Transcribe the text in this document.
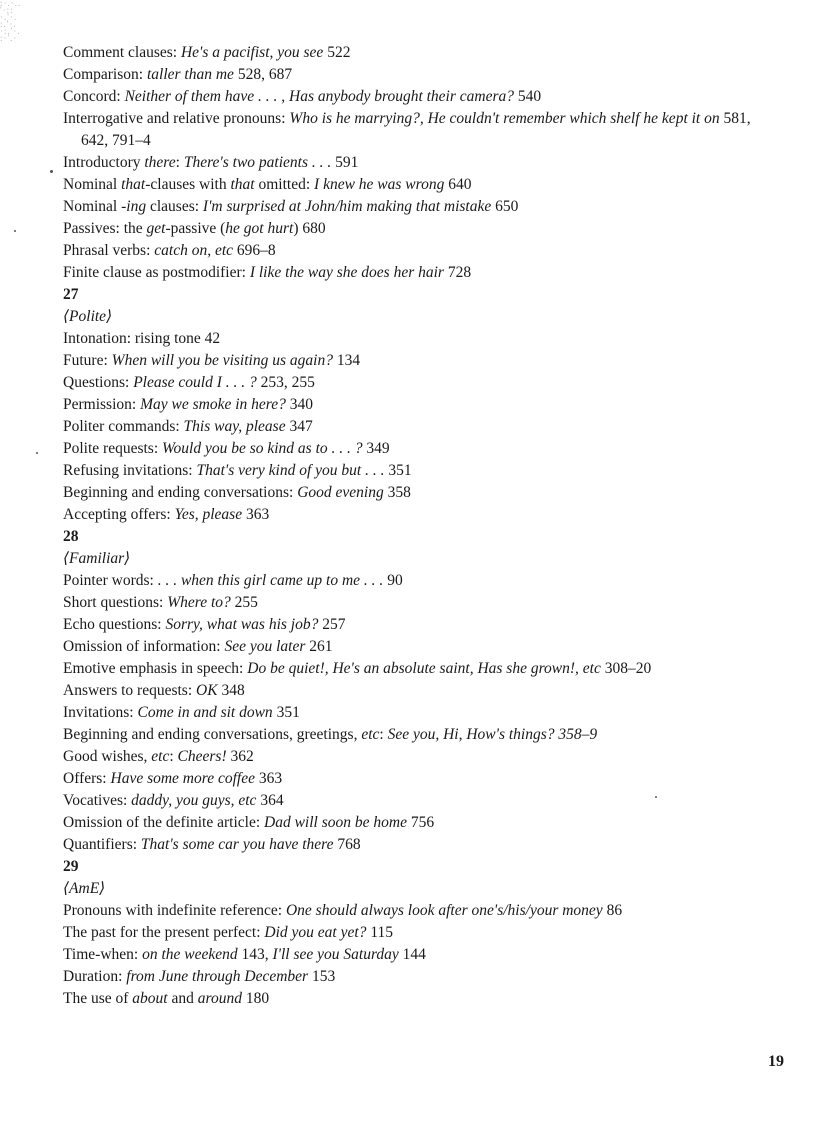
:·.·.. '·:: ·.'·. :.'·. ·:.'·. :·'.·
Comment clauses: He's a pacifist, you see 522
Comparison: taller than me 528, 687
Concord: Neither of them have . . . , Has anybody brought their camera? 540
Interrogative and relative pronouns: Who is he marrying?, He couldn't remember which shelf he kept it on 581, 642, 791–4
Introductory there: There's two patients . . . 591
Nominal that-clauses with that omitted: I knew he was wrong 640
Nominal -ing clauses: I'm surprised at John/him making that mistake 650
Passives: the get-passive (he got hurt) 680
Phrasal verbs: catch on, etc 696–8
Finite clause as postmodifier: I like the way she does her hair 728
27
⟨Polite⟩
Intonation: rising tone 42
Future: When will you be visiting us again? 134
Questions: Please could I . . . ? 253, 255
Permission: May we smoke in here? 340
Politer commands: This way, please 347
Polite requests: Would you be so kind as to . . . ? 349
Refusing invitations: That's very kind of you but . . . 351
Beginning and ending conversations: Good evening 358
Accepting offers: Yes, please 363
28
⟨Familiar⟩
Pointer words: . . . when this girl came up to me . . . 90
Short questions: Where to? 255
Echo questions: Sorry, what was his job? 257
Omission of information: See you later 261
Emotive emphasis in speech: Do be quiet!, He's an absolute saint, Has she grown!, etc 308–20
Answers to requests: OK 348
Invitations: Come in and sit down 351
Beginning and ending conversations, greetings, etc: See you, Hi, How's things? 358–9
Good wishes, etc: Cheers! 362
Offers: Have some more coffee 363
Vocatives: daddy, you guys, etc 364
Omission of the definite article: Dad will soon be home 756
Quantifiers: That's some car you have there 768
29
⟨AmE⟩
Pronouns with indefinite reference: One should always look after one's/his/your money 86
The past for the present perfect: Did you eat yet? 115
Time-when: on the weekend 143, I'll see you Saturday 144
Duration: from June through December 153
The use of about and around 180
19
